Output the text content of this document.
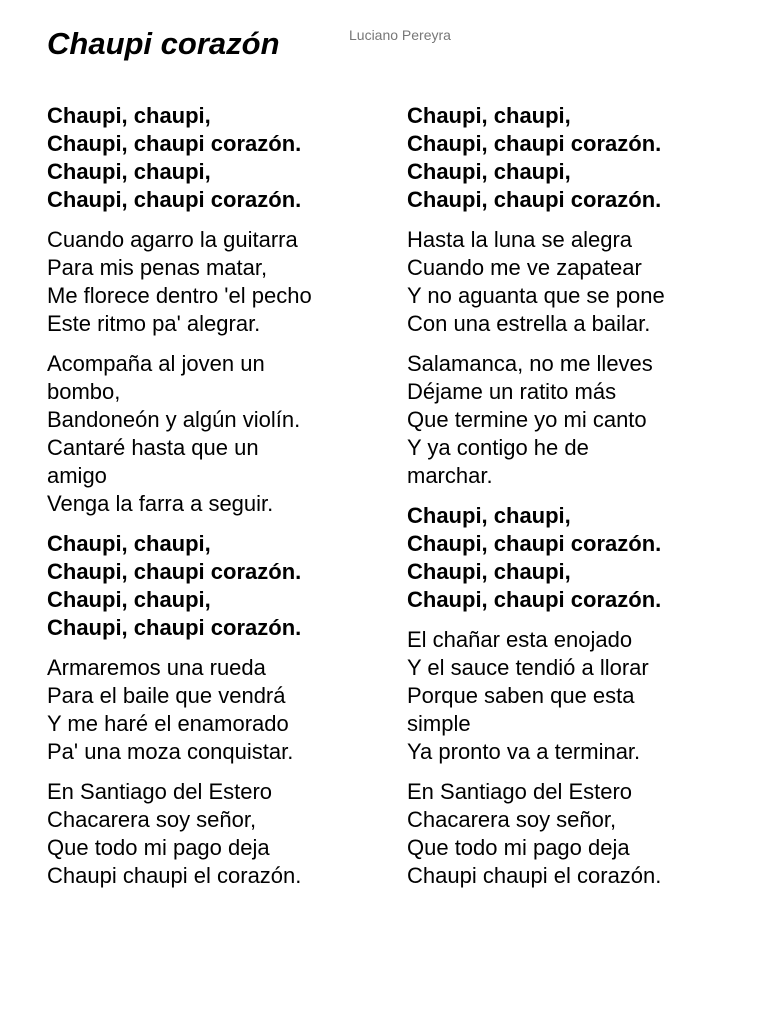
Chaupi corazón	Luciano Pereyra
Chaupi, chaupi,
Chaupi, chaupi corazón.
Chaupi, chaupi,
Chaupi, chaupi corazón.
Cuando agarro la guitarra
Para mis penas matar,
Me florece dentro 'el pecho
Este ritmo pa' alegrar.
Acompaña al joven un
bombo,
Bandoneón y algún violín.
Cantaré hasta que un
amigo
Venga la farra a seguir.
Chaupi, chaupi,
Chaupi, chaupi corazón.
Chaupi, chaupi,
Chaupi, chaupi corazón.
Armaremos una rueda
Para el baile que vendrá
Y me haré el enamorado
Pa' una moza conquistar.
En Santiago del Estero
Chacarera soy señor,
Que todo mi pago deja
Chaupi chaupi el corazón.
Chaupi, chaupi,
Chaupi, chaupi corazón.
Chaupi, chaupi,
Chaupi, chaupi corazón.
Hasta la luna se alegra
Cuando me ve zapatear
Y no aguanta que se pone
Con una estrella a bailar.
Salamanca, no me lleves
Déjame un ratito más
Que termine yo mi canto
Y ya contigo he de
marchar.
Chaupi, chaupi,
Chaupi, chaupi corazón.
Chaupi, chaupi,
Chaupi, chaupi corazón.
El chañar esta enojado
Y el sauce tendió a llorar
Porque saben que esta
simple
Ya pronto va a terminar.
En Santiago del Estero
Chacarera soy señor,
Que todo mi pago deja
Chaupi chaupi el corazón.
